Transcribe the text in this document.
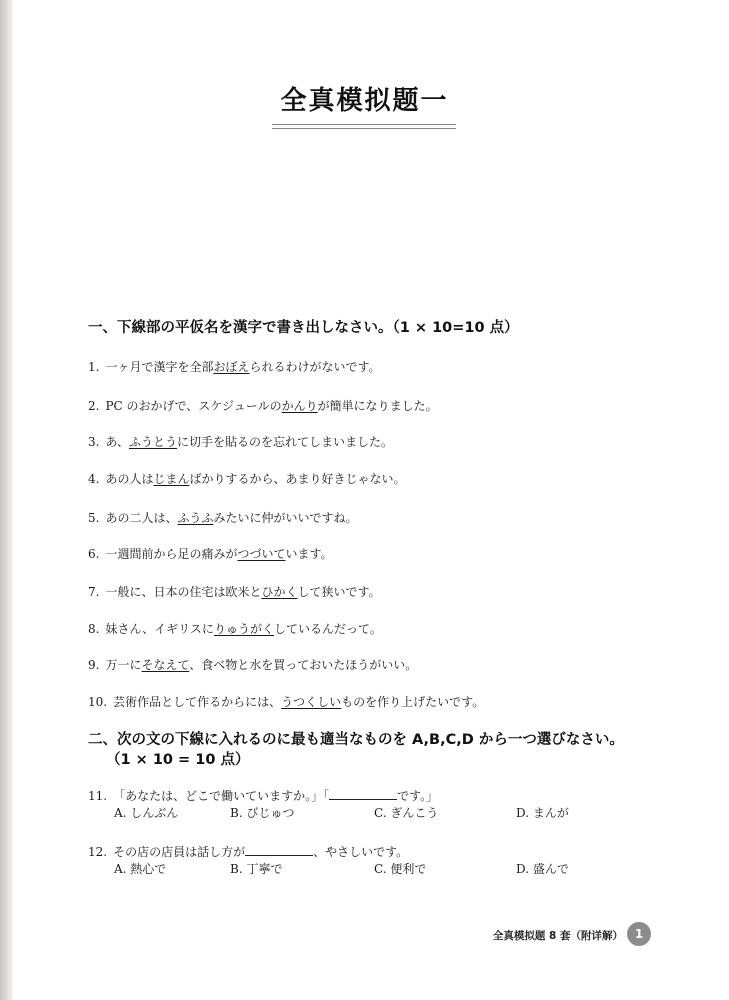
全真模拟题一
一、下線部の平仮名を漢字で書き出しなさい。（1 × 10=10 点）
1. 一ヶ月で漢字を全部おぼえられるわけがないです。
2. PC のおかげで、スケジュールのかんりが簡単になりました。
3. あ、ふうとうに切手を貼るのを忘れてしまいました。
4. あの人はじまんばかりするから、あまり好きじゃない。
5. あの二人は、ふうふみたいに仲がいいですね。
6. 一週間前から足の痛みがつづいています。
7. 一般に、日本の住宅は欧米とひかくして狭いです。
8. 妹さん、イギリスにりゅうがくしているんだって。
9. 万一にそなえて、食べ物と水を買っておいたほうがいい。
10. 芸術作品として作るからには、うつくしいものを作り上げたいです。
二、次の文の下線に入れるのに最も適当なものを A,B,C,D から一つ選びなさい。
（1 × 10 = 10 点）
11. 「あなたは、どこで働いていますか。」「	です。」
A. しんぶん	B. びじゅつ	C. ぎんこう	D. まんが
12. その店の店員は話し方が	、やさしいです。
A. 熱心で	B. 丁寧で	C. 便利で	D. 盛んで
全真模拟题 8 套（附详解） 1
